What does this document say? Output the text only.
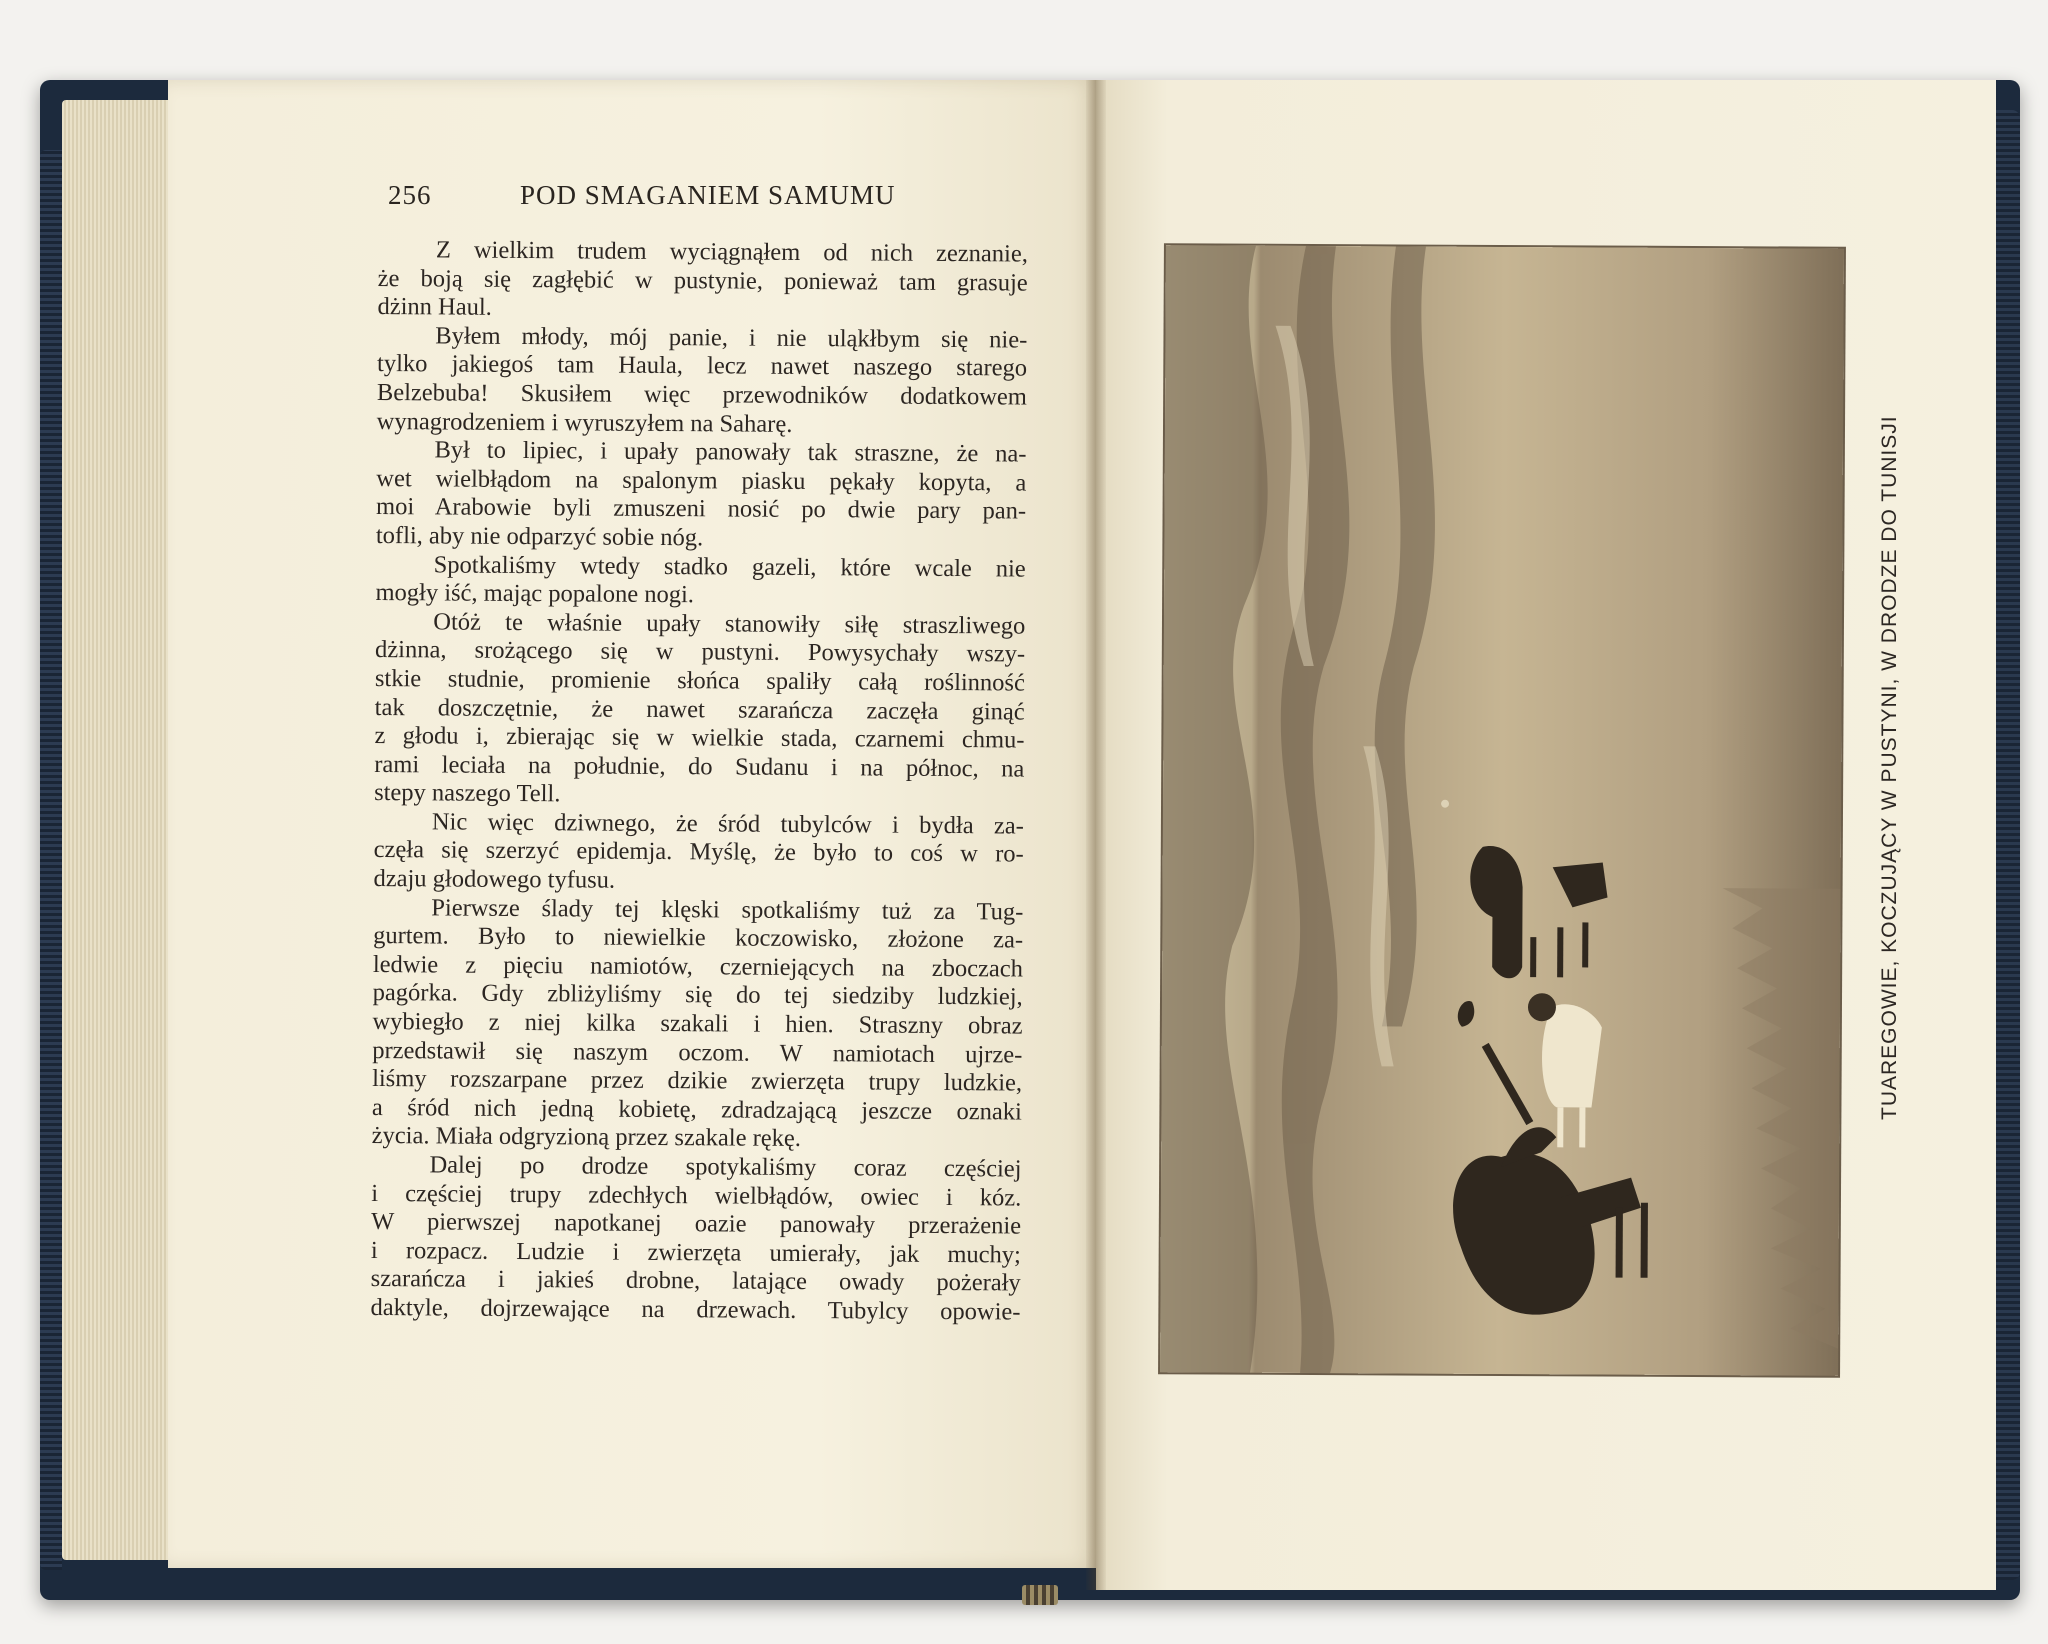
256	POD SMAGANIEM SAMUMU
Z wielkim trudem wyciągnąłem od nich zeznanie,
że boją się zagłębić w pustynie, ponieważ tam grasuje
dżinn Haul.
Byłem młody, mój panie, i nie uląkłbym się nie-
tylko jakiegoś tam Haula, lecz nawet naszego starego
Belzebuba! Skusiłem więc przewodników dodatkowem
wynagrodzeniem i wyruszyłem na Saharę.
Był to lipiec, i upały panowały tak straszne, że na-
wet wielbłądom na spalonym piasku pękały kopyta, a
moi Arabowie byli zmuszeni nosić po dwie pary pan-
tofli, aby nie odparzyć sobie nóg.
Spotkaliśmy wtedy stadko gazeli, które wcale nie
mogły iść, mając popalone nogi.
Otóż te właśnie upały stanowiły siłę straszliwego
dżinna, srożącego się w pustyni. Powysychały wszy-
stkie studnie, promienie słońca spaliły całą roślinność
tak doszczętnie, że nawet szarańcza zaczęła ginąć
z głodu i, zbierając się w wielkie stada, czarnemi chmu-
rami leciała na południe, do Sudanu i na północ, na
stepy naszego Tell.
Nic więc dziwnego, że śród tubylców i bydła za-
częła się szerzyć epidemja. Myślę, że było to coś w ro-
dzaju głodowego tyfusu.
Pierwsze ślady tej klęski spotkaliśmy tuż za Tug-
gurtem. Było to niewielkie koczowisko, złożone za-
ledwie z pięciu namiotów, czerniejących na zboczach
pagórka. Gdy zbliżyliśmy się do tej siedziby ludzkiej,
wybiegło z niej kilka szakali i hien. Straszny obraz
przedstawił się naszym oczom. W namiotach ujrze-
liśmy rozszarpane przez dzikie zwierzęta trupy ludzkie,
a śród nich jedną kobietę, zdradzającą jeszcze oznaki
życia. Miała odgryzioną przez szakale rękę.
Dalej po drodze spotykaliśmy coraz częściej
i częściej trupy zdechłych wielbłądów, owiec i kóz.
W pierwszej napotkanej oazie panowały przerażenie
i rozpacz. Ludzie i zwierzęta umierały, jak muchy;
szarańcza i jakieś drobne, latające owady pożerały
daktyle, dojrzewające na drzewach. Tubylcy opowie-
TUAREGOWIE, KOCZUJĄCY W PUSTYNI, W DRODZE DO TUNISJI
